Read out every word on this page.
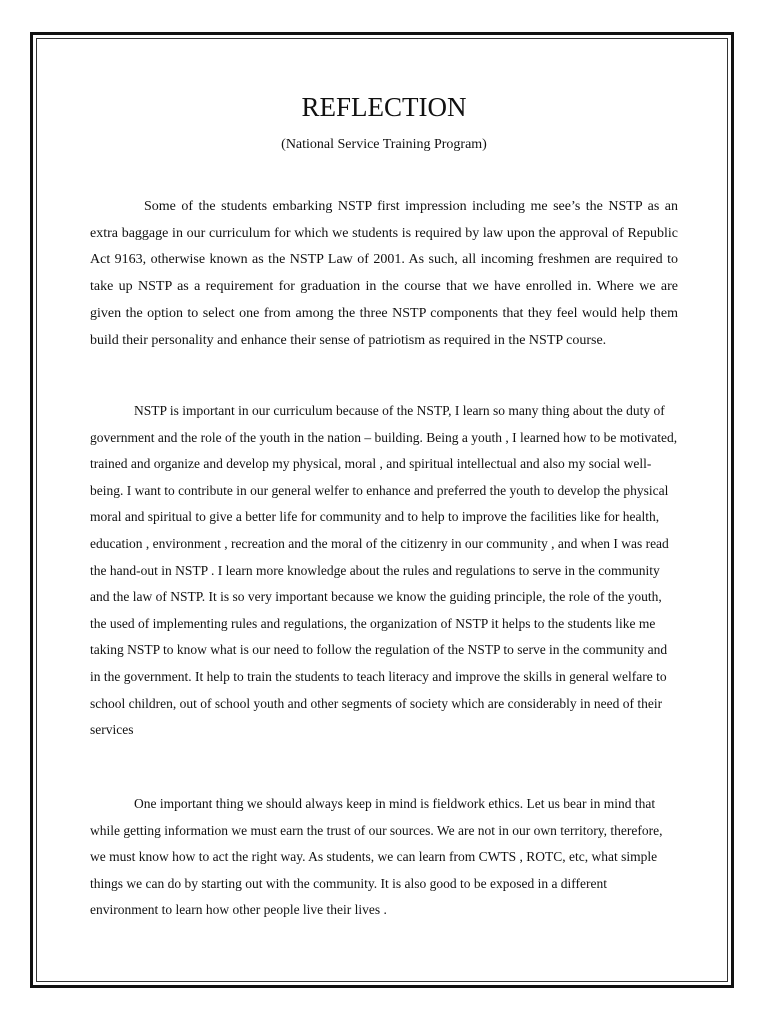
REFLECTION

(National Service Training Program)

Some of the students embarking NSTP first impression including me see’s the NSTP as an extra baggage in our curriculum for which we students is required by law upon the approval of Republic Act 9163, otherwise known as the NSTP Law of 2001. As such, all incoming freshmen are required to take up NSTP as a requirement for graduation in the course that we have enrolled in. Where we are given the option to select one from among the three NSTP components that they feel would help them build their personality and enhance their sense of patriotism as required in the NSTP course.

NSTP is important in our curriculum because of the NSTP, I learn so many thing about the duty of government and the role of the youth in the nation – building. Being a youth , I learned how to be motivated, trained and organize and develop my physical, moral , and spiritual intellectual and also my social well-being. I want to contribute in our general welfer to enhance and preferred the youth to develop the physical moral and spiritual to give a better life for community and to help to improve the facilities like for health, education , environment , recreation and the moral of the citizenry in our community , and when I was read the hand-out in NSTP . I learn more knowledge about the rules and regulations to serve in the community and the law of NSTP. It is so very important because we know the guiding principle, the role of the youth, the used of implementing rules and regulations, the organization of NSTP it helps to the students like me taking NSTP to know what is our need to follow the regulation of the NSTP to serve in the community and in the government. It help to train the students to teach literacy and improve the skills in general welfare to school children, out of school youth and other segments of society which are considerably in need of their services

One important thing we should always keep in mind is fieldwork ethics. Let us bear in mind that while getting information we must earn the trust of our sources. We are not in our own territory, therefore, we must know how to act the right way. As students, we can learn from CWTS , ROTC, etc, what simple things we can do by starting out with the community. It is also good to be exposed in a different environment to learn how other people live their lives .
